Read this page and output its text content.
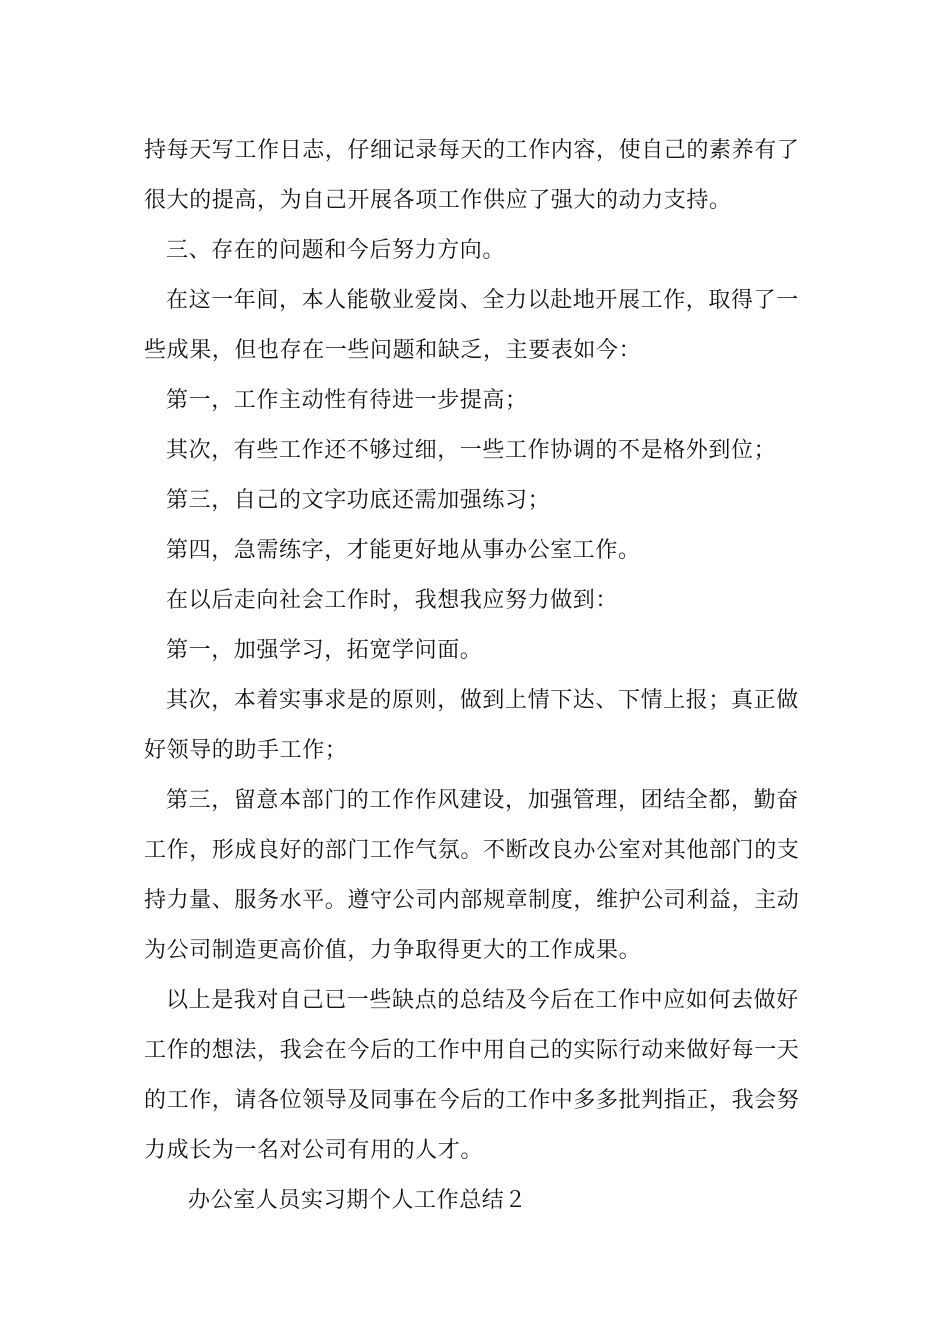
持每天写工作日志，仔细记录每天的工作内容，使自己的素养有了
很大的提高，为自己开展各项工作供应了强大的动力支持。
三、存在的问题和今后努力方向。
在这一年间，本人能敬业爱岗、全力以赴地开展工作，取得了一
些成果，但也存在一些问题和缺乏，主要表如今：
第一，工作主动性有待进一步提高；
其次，有些工作还不够过细，一些工作协调的不是格外到位；
第三，自己的文字功底还需加强练习；
第四，急需练字，才能更好地从事办公室工作。
在以后走向社会工作时，我想我应努力做到：
第一，加强学习，拓宽学问面。
其次，本着实事求是的原则，做到上情下达、下情上报；真正做
好领导的助手工作；
第三，留意本部门的工作作风建设，加强管理，团结全都，勤奋
工作，形成良好的部门工作气氛。不断改良办公室对其他部门的支
持力量、服务水平。遵守公司内部规章制度，维护公司利益，主动
为公司制造更高价值，力争取得更大的工作成果。
以上是我对自己已一些缺点的总结及今后在工作中应如何去做好
工作的想法，我会在今后的工作中用自己的实际行动来做好每一天
的工作，请各位领导及同事在今后的工作中多多批判指正，我会努
力成长为一名对公司有用的人才。
办公室人员实习期个人工作总结２
